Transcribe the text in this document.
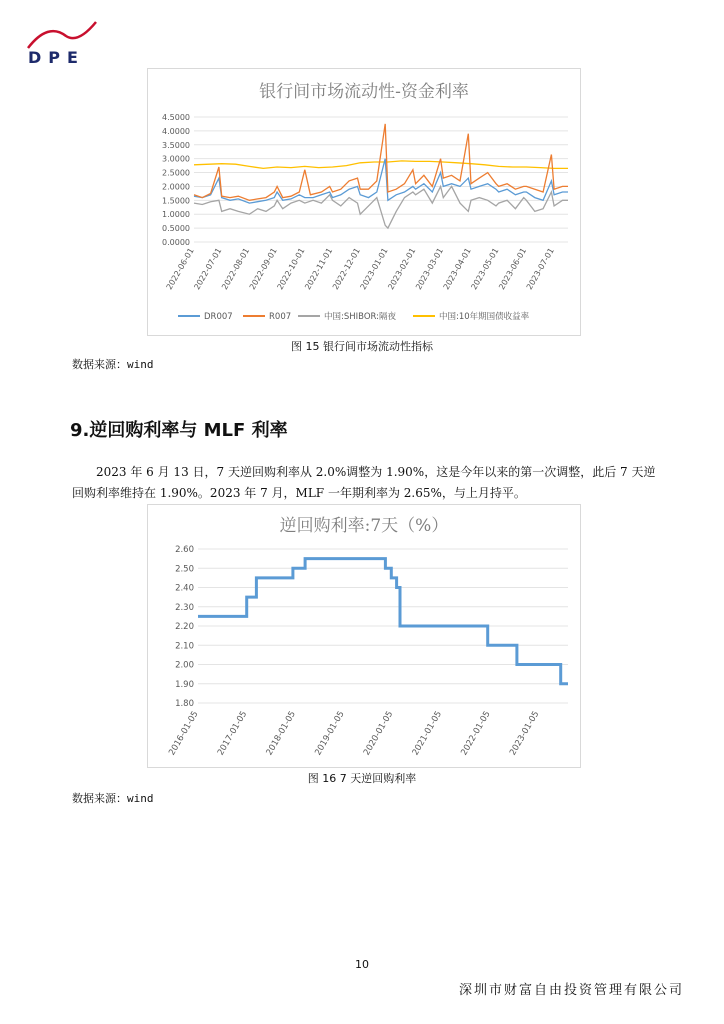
DPE
银行间市场流动性-资金利率
0.0000
0.5000
1.0000
1.5000
2.0000
2.5000
3.0000
3.5000
4.0000
4.5000
2022-06-01
2022-07-01
2022-08-01
2022-09-01
2022-10-01
2022-11-01
2022-12-01
2023-01-01
2023-02-01
2023-03-01
2023-04-01
2023-05-01
2023-06-01
2023-07-01
DR007	R007	中国:SHIBOR:隔夜	中国:10年期国债收益率
图 15 银行间市场流动性指标
数据来源：wind
9.逆回购利率与 MLF 利率
2023 年 6 月 13 日，7 天逆回购利率从 2.0%调整为 1.90%，这是今年以来的第一次调整，此后 7 天逆回购利率维持在 1.90%。2023 年 7 月，MLF 一年期利率为 2.65%，与上月持平。
逆回购利率:7天（%）
1.80
1.90
2.00
2.10
2.20
2.30
2.40
2.50
2.60
2016-01-05 2017-01-05 2018-01-05 2019-01-05 2020-01-05 2021-01-05 2022-01-05 2023-01-05
图 16 7 天逆回购利率
数据来源：wind
10
深圳市财富自由投资管理有限公司
